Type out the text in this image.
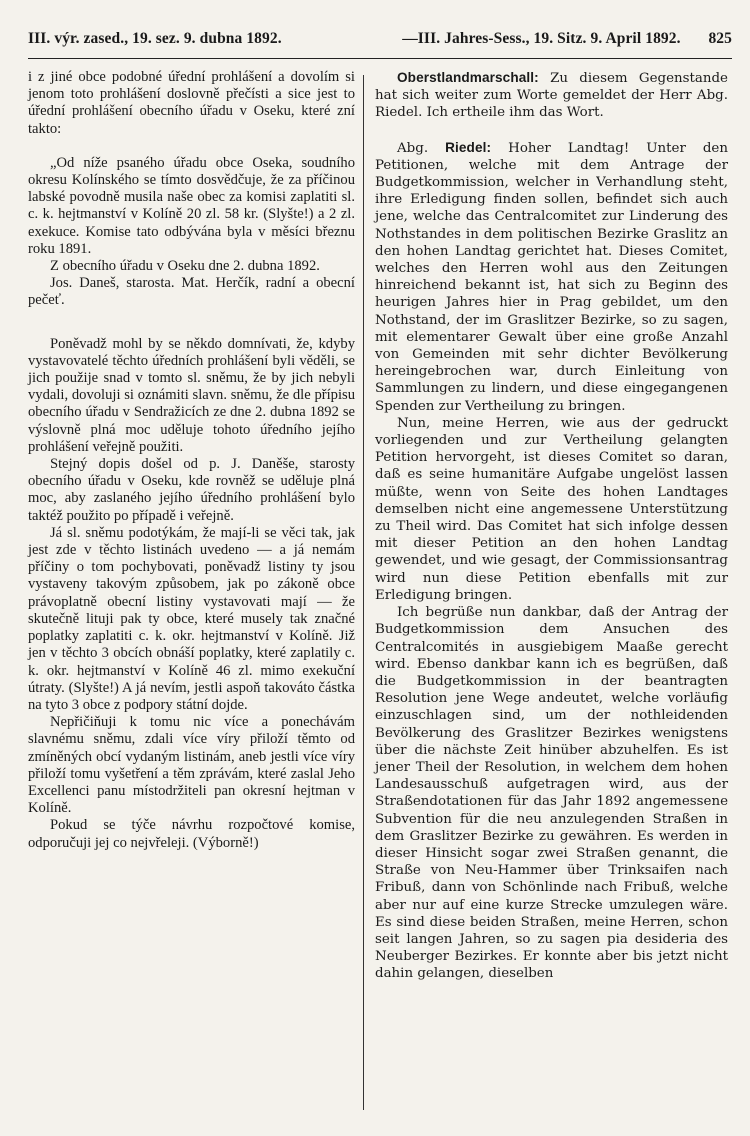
III. výr. zased., 19. sez. 9. dubna 1892.	—III. Jahres-Sess., 19. Sitz. 9. April 1892. 825

i z jiné obce podobné úřední prohlášení a dovolím si jenom toto prohlášení doslovně přečísti a sice jest to úřední prohlášení obecního úřadu v Oseku, které zní takto:

„Od níže psaného úřadu obce Oseka, soudního okresu Kolínského se tímto dosvědčuje, že za příčinou labské povodně musila naše obec za komisi zaplatiti sl. c. k. hejtmanství v Kolíně 20 zl. 58 kr. (Slyšte!) a 2 zl. exekuce. Komise tato odbývána byla v měsíci březnu roku 1891.

Z obecního úřadu v Oseku dne 2. dubna 1892.

Jos. Daneš, starosta. Mat. Herčík, radní a obecní pečeť.

Poněvadž mohl by se někdo domnívati, že, kdyby vystavovatelé těchto úředních prohlášení byli věděli, se jich použije snad v tomto sl. sněmu, že by jich nebyli vydali, dovoluji si oznámiti slavn. sněmu, že dle přípisu obecního úřadu v Sendražicích ze dne 2. dubna 1892 se výslovně plná moc uděluje tohoto úředního jejího prohlášení veřejně použiti.

Stejný dopis došel od p. J. Daněše, starosty obecního úřadu v Oseku, kde rovněž se uděluje plná moc, aby zaslaného jejího úředního prohlášení bylo taktéž použito po případě i veřejně.

Já sl. sněmu podotýkám, že mají-li se věci tak, jak jest zde v těchto listinách uvedeno — a já nemám příčiny o tom pochybovati, poněvadž listiny ty jsou vystaveny takovým způsobem, jak po zákoně obce právoplatně obecní listiny vystavovati mají — že skutečně lituji pak ty obce, které musely tak značné poplatky zaplatiti c. k. okr. hejtmanství v Kolíně. Již jen v těchto 3 obcích obnáší poplatky, které zaplatily c. k. okr. hejtmanství v Kolíně 46 zl. mimo exekuční útraty. (Slyšte!) A já nevím, jestli aspoň takováto částka na tyto 3 obce z podpory státní dojde.

Nepřičiňuji k tomu nic více a ponechávám slavnému sněmu, zdali více víry přiloží těmto od zmíněných obcí vydaným listinám, aneb jestli více víry přiloží tomu vyšetření a těm zprávám, které zaslal Jeho Excellenci panu místodržiteli pan okresní hejtman v Kolíně.

Pokud se týče návrhu rozpočtové komise, odporučuji jej co nejvřeleji. (Výborně!)

Oberstlandmarschall: Zu diesem Gegenstande hat sich weiter zum Worte gemeldet der Herr Abg. Riedel. Ich ertheile ihm das Wort.

Abg. Riedel: Hoher Landtag! Unter den Petitionen, welche mit dem Antrage der Budgetkommission, welcher in Verhandlung steht, ihre Erledigung finden sollen, befindet sich auch jene, welche das Centralcomitet zur Linderung des Nothstandes in dem politischen Bezirke Graslitz an den hohen Landtag gerichtet hat. Dieses Comitet, welches den Herren wohl aus den Zeitungen hinreichend bekannt ist, hat sich zu Beginn des heurigen Jahres hier in Prag gebildet, um den Nothstand, der im Graslitzer Bezirke, so zu sagen, mit elementarer Gewalt über eine große Anzahl von Gemeinden mit sehr dichter Bevölkerung hereingebrochen war, durch Einleitung von Sammlungen zu lindern, und diese eingegangenen Spenden zur Vertheilung zu bringen.

Nun, meine Herren, wie aus der gedruckt vorliegenden und zur Vertheilung gelangten Petition hervorgeht, ist dieses Comitet so daran, daß es seine humanitäre Aufgabe ungelöst lassen müßte, wenn von Seite des hohen Landtages demselben nicht eine angemessene Unterstützung zu Theil wird. Das Comitet hat sich infolge dessen mit dieser Petition an den hohen Landtag gewendet, und wie gesagt, der Commissionsantrag wird nun diese Petition ebenfalls mit zur Erledigung bringen.

Ich begrüße nun dankbar, daß der Antrag der Budgetkommission dem Ansuchen des Centralcomités in ausgiebigem Maaße gerecht wird. Ebenso dankbar kann ich es begrüßen, daß die Budgetkommission in der beantragten Resolution jene Wege andeutet, welche vorläufig einzuschlagen sind, um der nothleidenden Bevölkerung des Graslitzer Bezirkes wenigstens über die nächste Zeit hinüber abzuhelfen. Es ist jener Theil der Resolution, in welchem dem hohen Landesausschuß aufgetragen wird, aus der Straßendotationen für das Jahr 1892 angemessene Subvention für die neu anzulegenden Straßen in dem Graslitzer Bezirke zu gewähren. Es werden in dieser Hinsicht sogar zwei Straßen genannt, die Straße von Neu-Hammer über Trinksaifen nach Fribuß, dann von Schönlinde nach Fribuß, welche aber nur auf eine kurze Strecke umzulegen wäre. Es sind diese beiden Straßen, meine Herren, schon seit langen Jahren, so zu sagen pia desideria des Neuberger Bezirkes. Er konnte aber bis jetzt nicht dahin gelangen, dieselben
